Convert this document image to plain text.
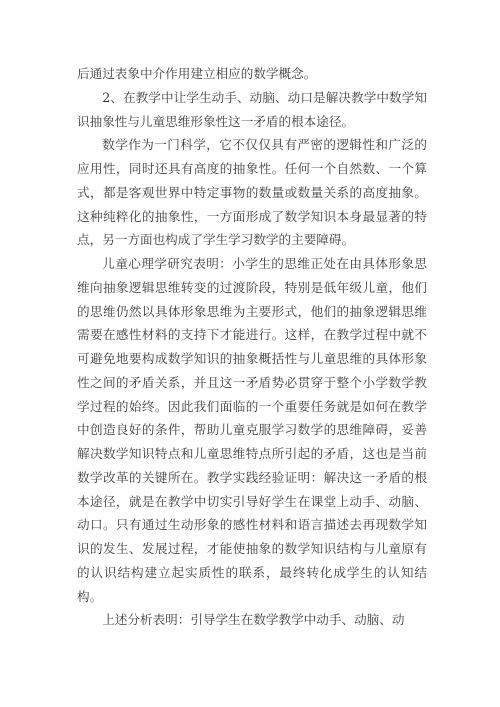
后通过表象中介作用建立相应的数学概念。

2、在教学中让学生动手、动脑、动口是解决教学中数学知识抽象性与儿童思维形象性这一矛盾的根本途径。

数学作为一门科学，它不仅仅具有严密的逻辑性和广泛的应用性，同时还具有高度的抽象性。任何一个自然数、一个算式，都是客观世界中特定事物的数量或数量关系的高度抽象。这种纯粹化的抽象性，一方面形成了数学知识本身最显著的特点，另一方面也构成了学生学习数学的主要障碍。

儿童心理学研究表明：小学生的思维正处在由具体形象思维向抽象逻辑思维转变的过渡阶段，特别是低年级儿童，他们的思维仍然以具体形象思维为主要形式，他们的抽象逻辑思维需要在感性材料的支持下才能进行。这样，在教学过程中就不可避免地要构成数学知识的抽象概括性与儿童思维的具体形象性之间的矛盾关系，并且这一矛盾势必贯穿于整个小学数学教学过程的始终。因此我们面临的一个重要任务就是如何在教学中创造良好的条件，帮助儿童克服学习数学的思维障碍，妥善解决数学知识特点和儿童思维特点所引起的矛盾，这也是当前数学改革的关键所在。教学实践经验证明：解决这一矛盾的根本途径，就是在教学中切实引导好学生在课堂上动手、动脑、动口。只有通过生动形象的感性材料和语言描述去再现数学知识的发生、发展过程，才能使抽象的数学知识结构与儿童原有的认识结构建立起实质性的联系，最终转化成学生的认知结构。

上述分析表明：引导学生在数学教学中动手、动脑、动
